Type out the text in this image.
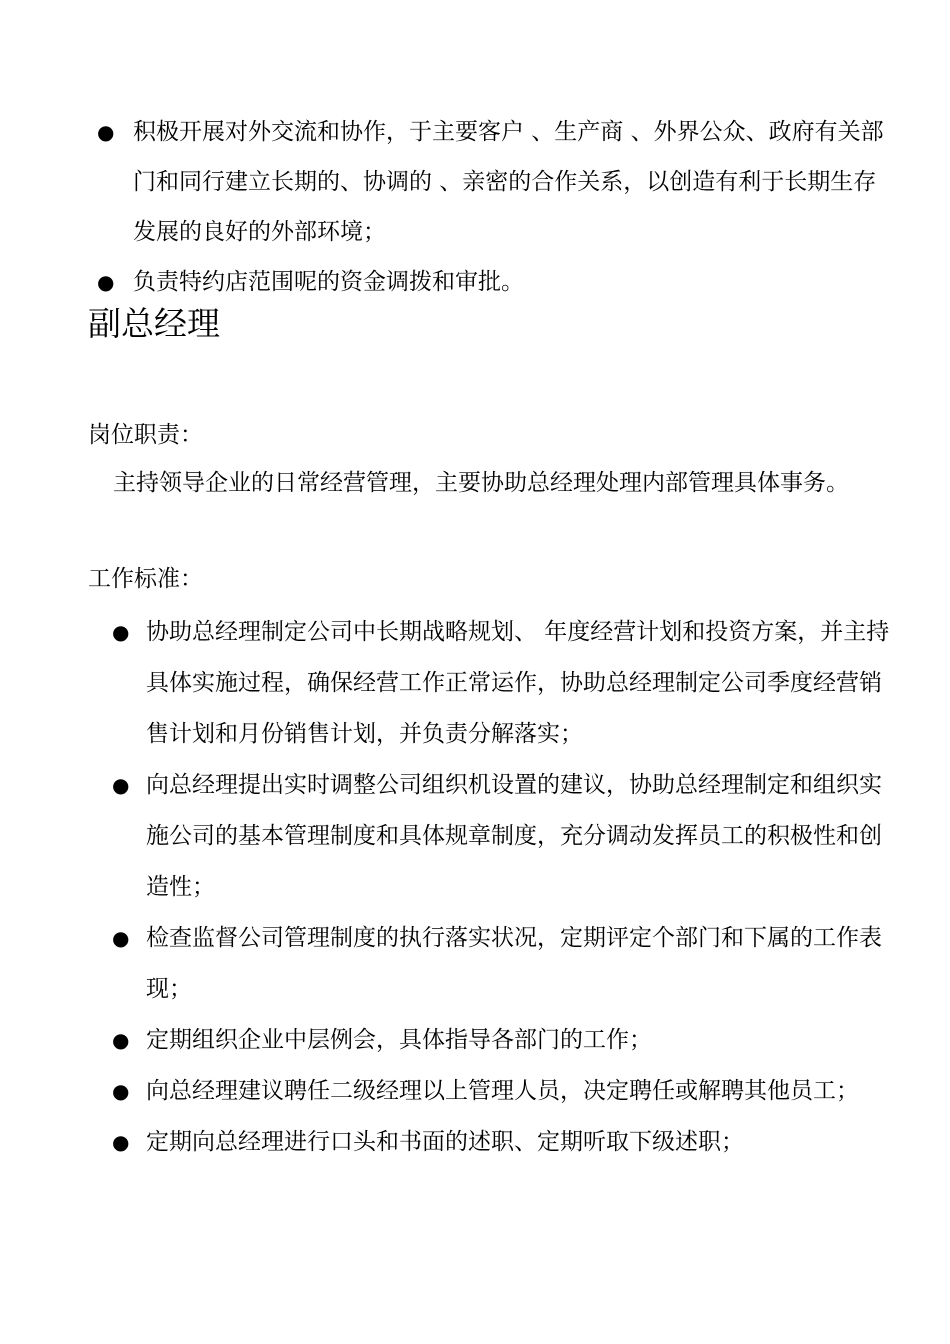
● 积极开展对外交流和协作，于主要客户 、生产商 、外界公众、政府有关部门和同行建立长期的、协调的 、亲密的合作关系，以创造有利于长期生存发展的良好的外部环境；
● 负责特约店范围呢的资金调拨和审批。
副总经理

岗位职责：

主持领导企业的日常经营管理，主要协助总经理处理内部管理具体事务。

工作标准：

● 协助总经理制定公司中长期战略规划、 年度经营计划和投资方案，并主持具体实施过程，确保经营工作正常运作，协助总经理制定公司季度经营销售计划和月份销售计划，并负责分解落实；
● 向总经理提出实时调整公司组织机设置的建议，协助总经理制定和组织实施公司的基本管理制度和具体规章制度，充分调动发挥员工的积极性和创造性；
● 检查监督公司管理制度的执行落实状况，定期评定个部门和下属的工作表现；
● 定期组织企业中层例会，具体指导各部门的工作；
● 向总经理建议聘任二级经理以上管理人员，决定聘任或解聘其他员工；
● 定期向总经理进行口头和书面的述职、定期听取下级述职；
